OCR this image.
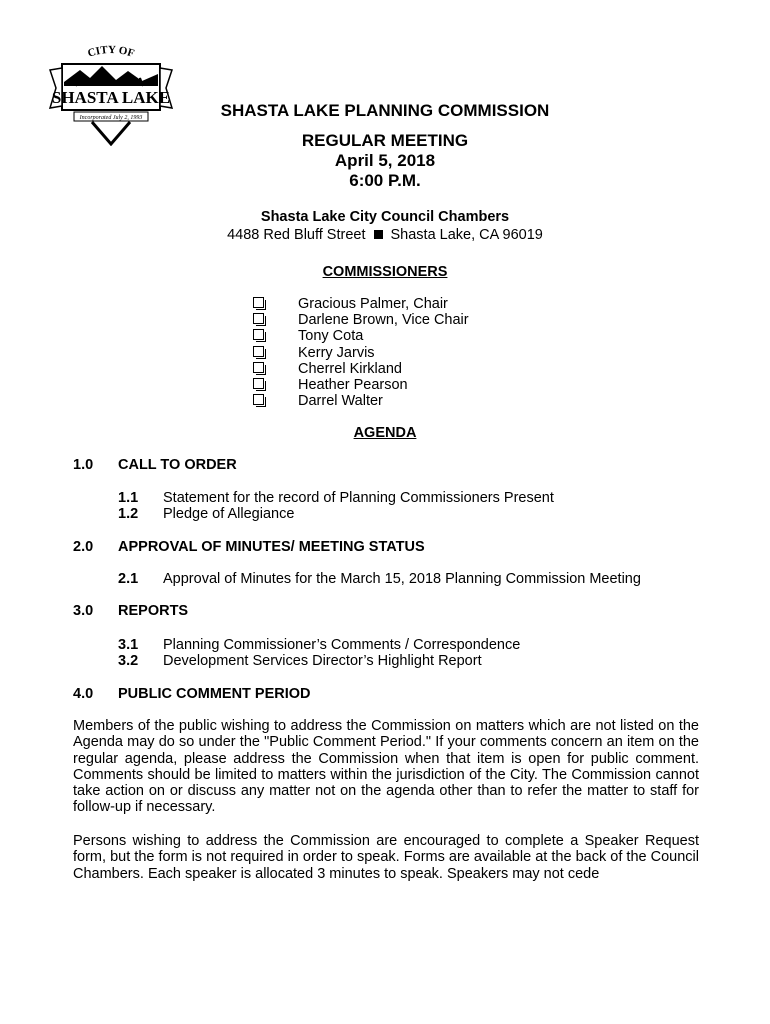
CITY OF
SHASTA LAKE
Incorporated July 2, 1993	SHASTA LAKE PLANNING COMMISSION
REGULAR MEETING
April 5, 2018
6:00 P.M.
Shasta Lake City Council Chambers
4488 Red Bluff Street Shasta Lake, CA 96019
COMMISSIONERS
Gracious Palmer, Chair
Darlene Brown, Vice Chair
Tony Cota
Kerry Jarvis
Cherrel Kirkland
Heather Pearson
Darrel Walter
AGENDA
1.0 CALL TO ORDER
1.1 Statement for the record of Planning Commissioners Present
1.2 Pledge of Allegiance
2.0 APPROVAL OF MINUTES/ MEETING STATUS
2.1 Approval of Minutes for the March 15, 2018 Planning Commission Meeting
3.0 REPORTS
3.1 Planning Commissioner’s Comments / Correspondence
3.2 Development Services Director’s Highlight Report
4.0 PUBLIC COMMENT PERIOD
Members of the public wishing to address the Commission on matters which are not listed on the Agenda may do so under the "Public Comment Period." If your comments concern an item on the regular agenda, please address the Commission when that item is open for public comment. Comments should be limited to matters within the jurisdiction of the City. The Commission cannot take action on or discuss any matter not on the agenda other than to refer the matter to staff for follow-up if necessary.
Persons wishing to address the Commission are encouraged to complete a Speaker Request form, but the form is not required in order to speak. Forms are available at the back of the Council Chambers. Each speaker is allocated 3 minutes to speak. Speakers may not cede
